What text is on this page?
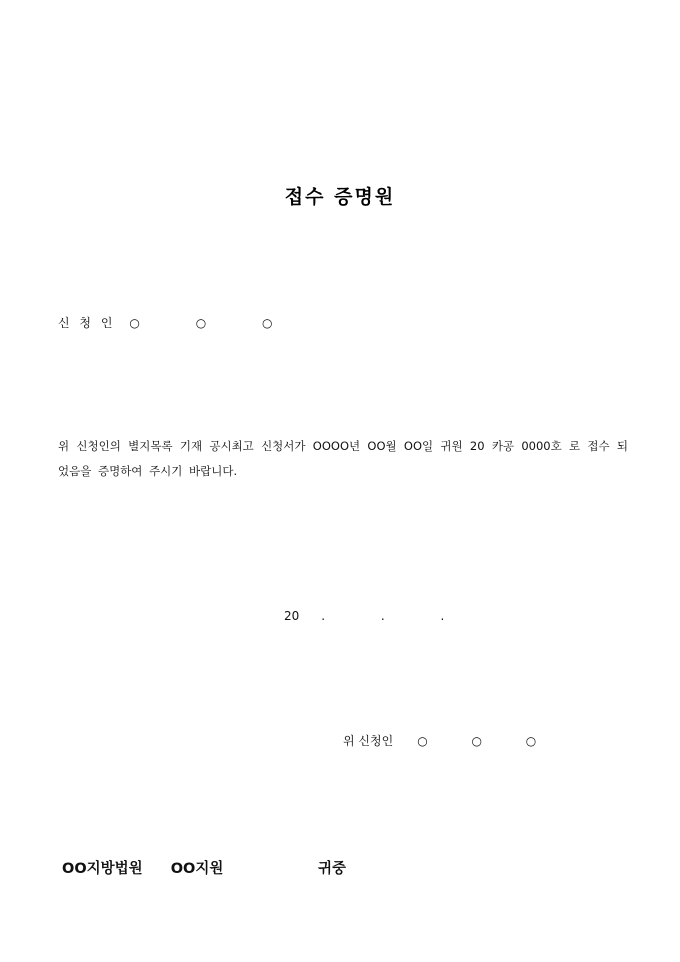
접수 증명원
신 청 인 ○ ○ ○
위 신청인의 별지목록 기재 공시최고 신청서가 OOOO년 OO월 OO일 귀원 20 카공 0000호 로 접수 되었음을 증명하여 주시기 바랍니다.
20 . . .
위 신청인 ○ ○ ○
OO지방법원 OO지원	귀중
